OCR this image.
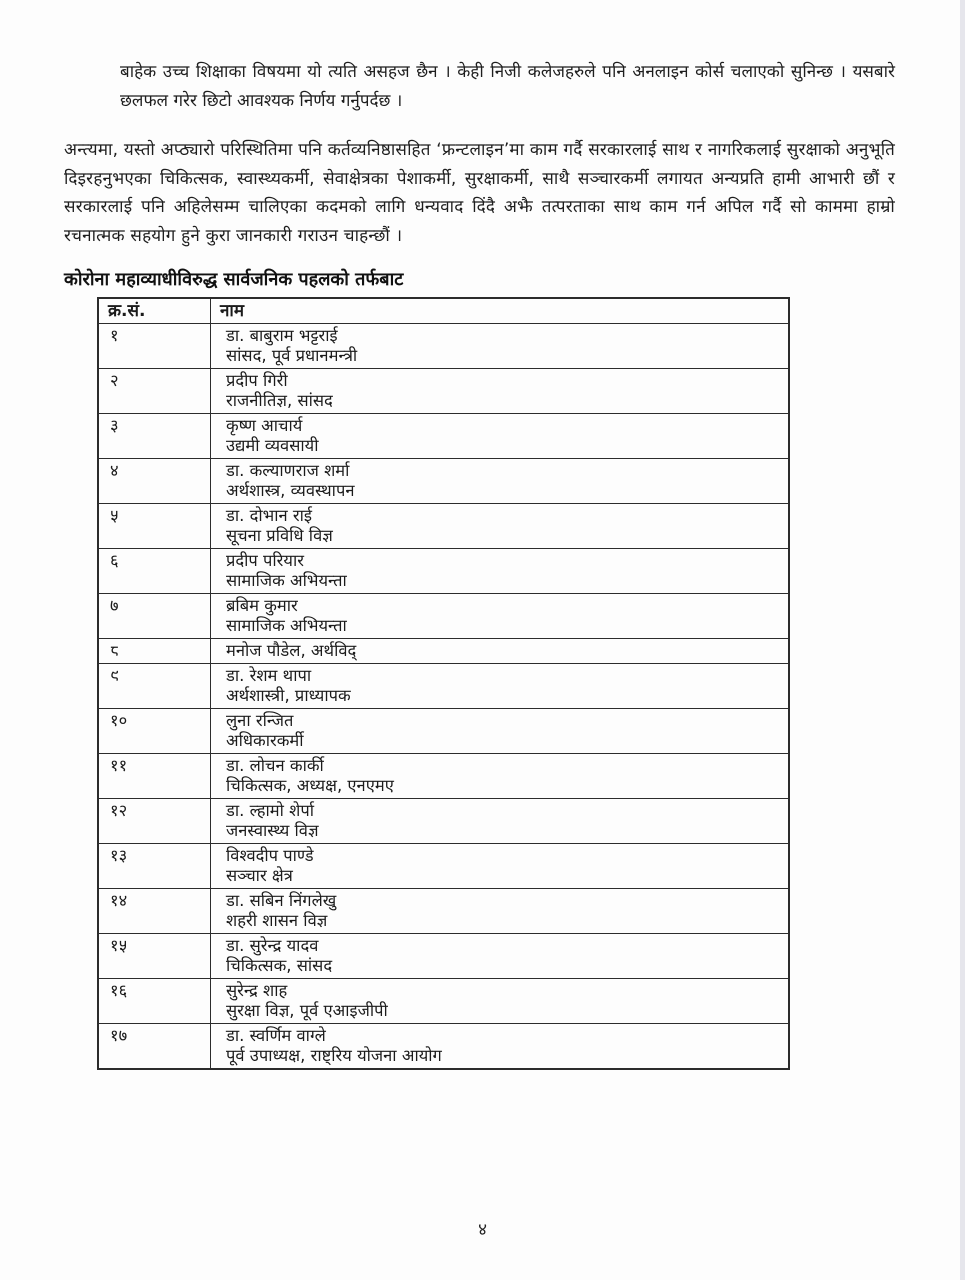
बाहेक उच्च शिक्षाका विषयमा यो त्यति असहज छैन । केही निजी कलेजहरुले पनि अनलाइन कोर्स चलाएको सुनिन्छ । यसबारे छलफल गरेर छिटो आवश्यक निर्णय गर्नुपर्दछ ।

अन्त्यमा, यस्तो अप्ठ्यारो परिस्थितिमा पनि कर्तव्यनिष्ठासहित ‘फ्रन्टलाइन’मा काम गर्दै सरकारलाई साथ र नागरिकलाई सुरक्षाको अनुभूति दिइरहनुभएका चिकित्सक, स्वास्थ्यकर्मी, सेवाक्षेत्रका पेशाकर्मी, सुरक्षाकर्मी, साथै सञ्चारकर्मी लगायत अन्यप्रति हामी आभारी छौं र सरकारलाई पनि अहिलेसम्म चालिएका कदमको लागि धन्यवाद दिंदै अझै तत्परताका साथ काम गर्न अपिल गर्दै सो काममा हाम्रो रचनात्मक सहयोग हुने कुरा जानकारी गराउन चाहन्छौं ।

कोरोना महाव्याधीविरुद्ध सार्वजनिक पहलको तर्फबाट
क्र.सं.	नाम
१	डा. बाबुराम भट्टराई
सांसद, पूर्व प्रधानमन्त्री

२	प्रदीप गिरी
राजनीतिज्ञ, सांसद

३	कृष्ण आचार्य
उद्यमी व्यवसायी

४	डा. कल्याणराज शर्मा
अर्थशास्त्र, व्यवस्थापन

५	डा. दोभान राई
सूचना प्रविधि विज्ञ

६	प्रदीप परियार
सामाजिक अभियन्ता

७	ब्रबिम कुमार
सामाजिक अभियन्ता

८	मनोज पौडेल, अर्थविद्

९	डा. रेशम थापा
अर्थशास्त्री, प्राध्यापक

१०	लुना रन्जित
अधिकारकर्मी

११	डा. लोचन कार्की
चिकित्सक, अध्यक्ष, एनएमए

१२	डा. ल्हामो शेर्पा
जनस्वास्थ्य विज्ञ

१३	विश्वदीप पाण्डे
सञ्चार क्षेत्र

१४	डा. सबिन निंगलेखु
शहरी शासन विज्ञ

१५	डा. सुरेन्द्र यादव
चिकित्सक, सांसद

१६	सुरेन्द्र शाह
सुरक्षा विज्ञ, पूर्व एआइजीपी

१७	डा. स्वर्णिम वाग्ले
पूर्व उपाध्यक्ष, राष्ट्रिय योजना आयोग
४
